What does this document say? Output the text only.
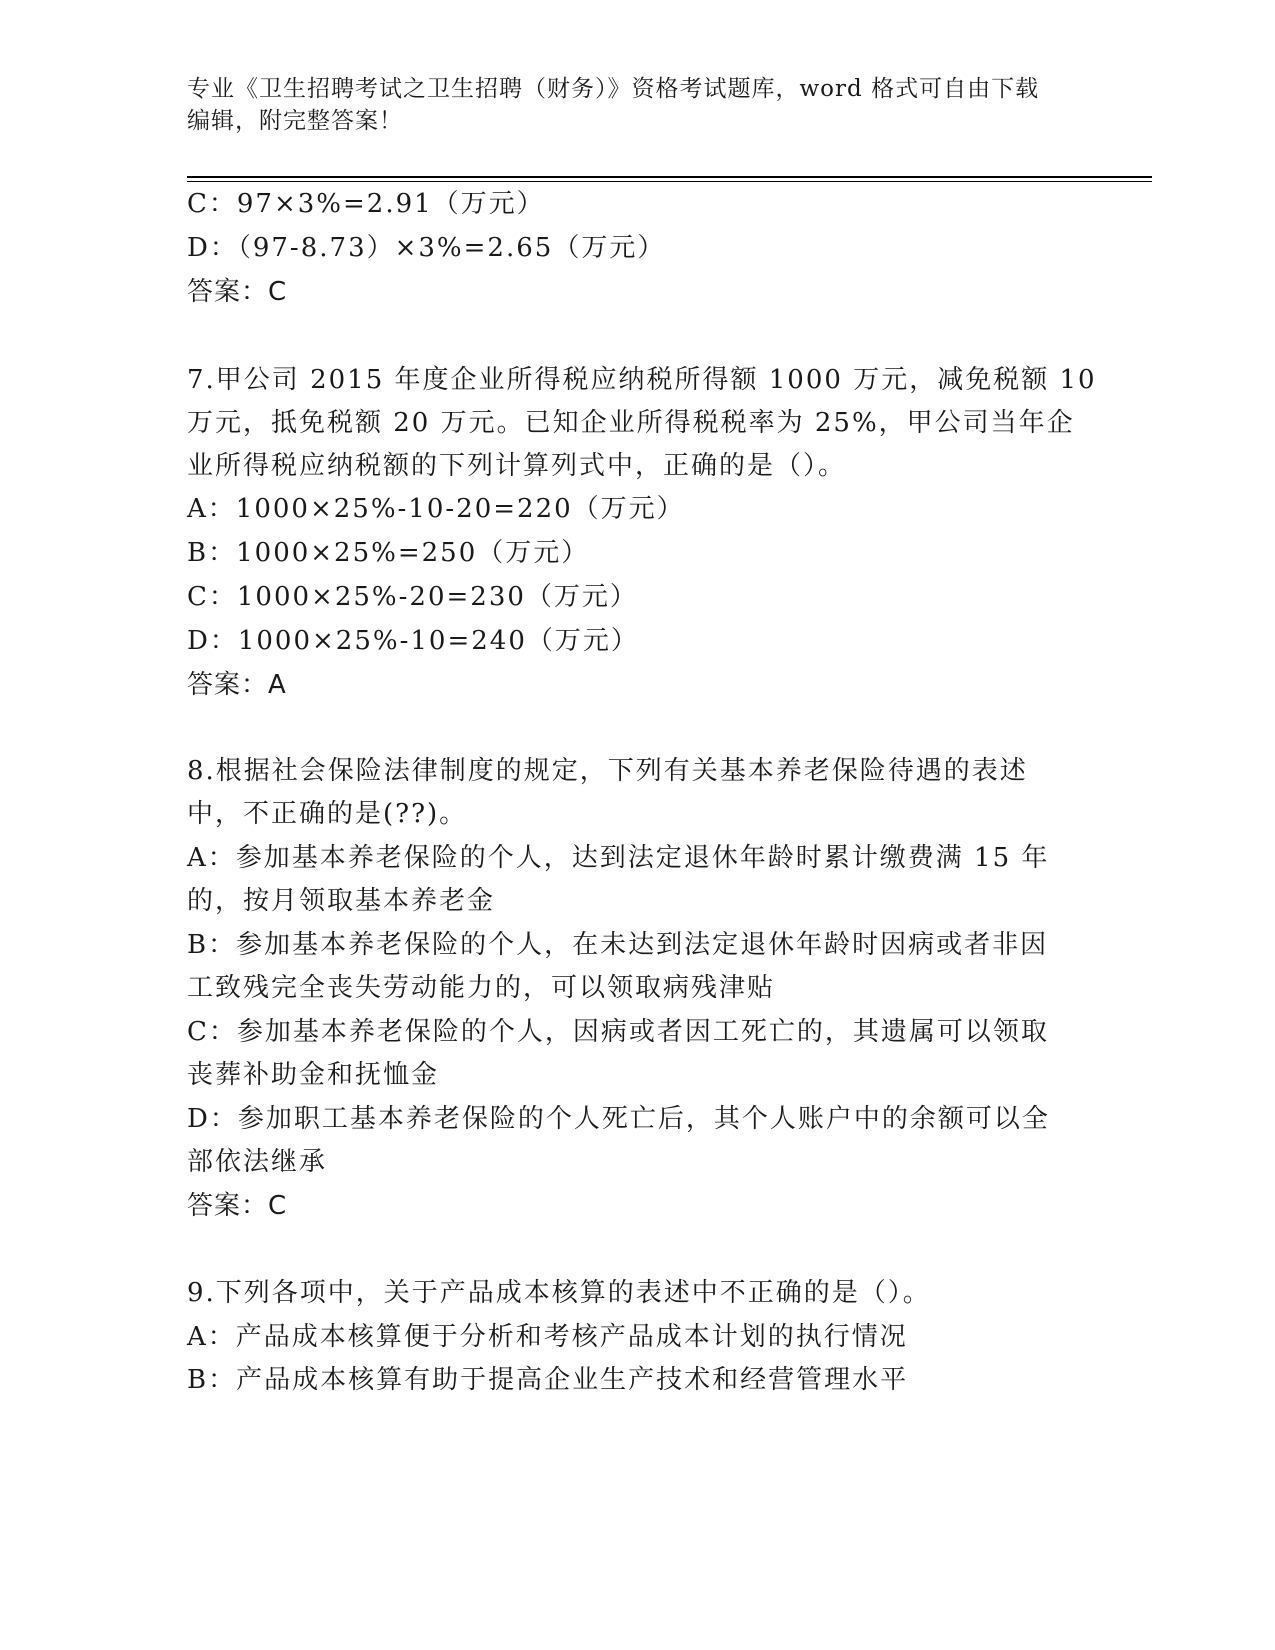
专业《卫生招聘考试之卫生招聘（财务）》资格考试题库，word 格式可自由下载
编辑，附完整答案！
C：97×3%=2.91（万元）
D：（97-8.73）×3%=2.65（万元）
答案：C
7.甲公司 2015 年度企业所得税应纳税所得额 1000 万元，减免税额 10
万元，抵免税额 20 万元。已知企业所得税税率为 25%，甲公司当年企
业所得税应纳税额的下列计算列式中，正确的是（）。
A：1000×25%-10-20=220（万元）
B：1000×25%=250（万元）
C：1000×25%-20=230（万元）
D：1000×25%-10=240（万元）
答案：A
8.根据社会保险法律制度的规定，下列有关基本养老保险待遇的表述
中，不正确的是(??)。
A：参加基本养老保险的个人，达到法定退休年龄时累计缴费满 15 年
的，按月领取基本养老金
B：参加基本养老保险的个人，在未达到法定退休年龄时因病或者非因
工致残完全丧失劳动能力的，可以领取病残津贴
C：参加基本养老保险的个人，因病或者因工死亡的，其遗属可以领取
丧葬补助金和抚恤金
D：参加职工基本养老保险的个人死亡后，其个人账户中的余额可以全
部依法继承
答案：C
9.下列各项中，关于产品成本核算的表述中不正确的是（）。
A：产品成本核算便于分析和考核产品成本计划的执行情况
B：产品成本核算有助于提高企业生产技术和经营管理水平
